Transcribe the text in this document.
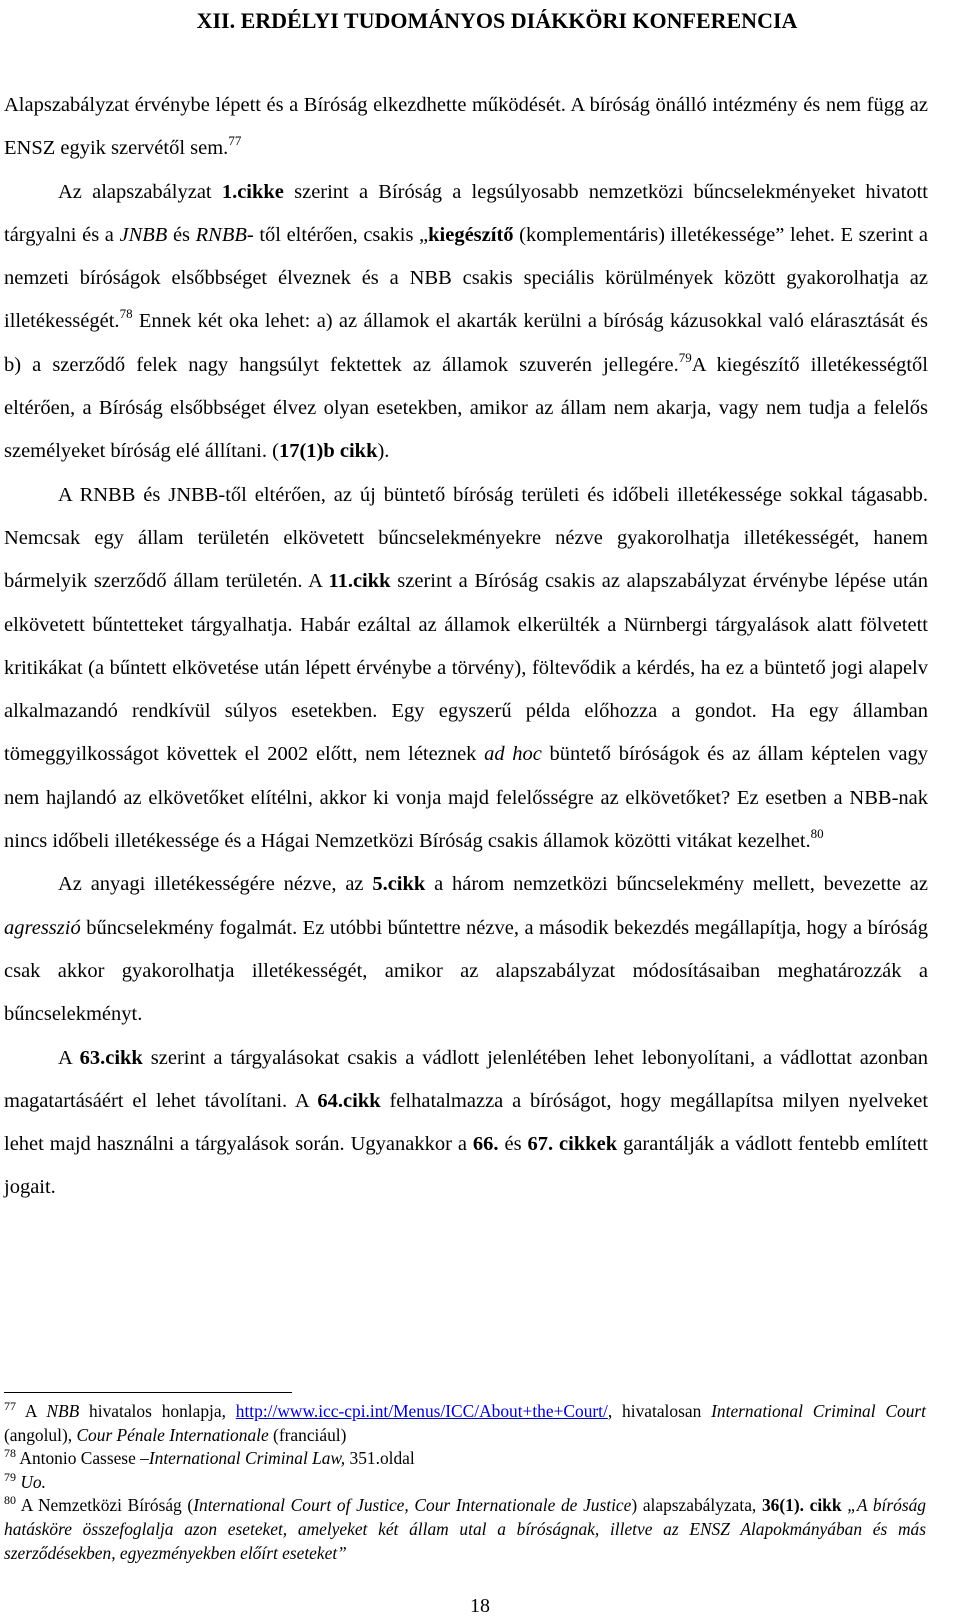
XII. ERDÉLYI TUDOMÁNYOS DIÁKKÖRI KONFERENCIA

Alapszabályzat érvénybe lépett és a Bíróság elkezdhette működését. A bíróság önálló intézmény és nem függ az ENSZ egyik szervétől sem.$^{77}$

Az alapszabályzat 1.cikke szerint a Bíróság a legsúlyosabb nemzetközi bűncselekményeket hivatott tárgyalni és a JNBB és RNBB- től eltérően, csakis „kiegészítő (komplementáris) illetékessége” lehet. E szerint a nemzeti bíróságok elsőbbséget élveznek és a NBB csakis speciális körülmények között gyakorolhatja az illetékességét.$^{78}$ Ennek két oka lehet: a) az államok el akarták kerülni a bíróság kázusokkal való elárasztását és b) a szerződő felek nagy hangsúlyt fektettek az államok szuverén jellegére.$^{79}$A kiegészítő illetékességtől eltérően, a Bíróság elsőbbséget élvez olyan esetekben, amikor az állam nem akarja, vagy nem tudja a felelős személyeket bíróság elé állítani. (17(1)b cikk).

A RNBB és JNBB-től eltérően, az új büntető bíróság területi és időbeli illetékessége sokkal tágasabb. Nemcsak egy állam területén elkövetett bűncselekményekre nézve gyakorolhatja illetékességét, hanem bármelyik szerződő állam területén. A 11.cikk szerint a Bíróság csakis az alapszabályzat érvénybe lépése után elkövetett bűntetteket tárgyalhatja. Habár ezáltal az államok elkerülték a Nürnbergi tárgyalások alatt fölvetett kritikákat (a bűntett elkövetése után lépett érvénybe a törvény), föltevődik a kérdés, ha ez a büntető jogi alapelv alkalmazandó rendkívül súlyos esetekben. Egy egyszerű példa előhozza a gondot. Ha egy államban tömeggyilkosságot követtek el 2002 előtt, nem léteznek ad hoc büntető bíróságok és az állam képtelen vagy nem hajlandó az elkövetőket elítélni, akkor ki vonja majd felelősségre az elkövetőket? Ez esetben a NBB-nak nincs időbeli illetékessége és a Hágai Nemzetközi Bíróság csakis államok közötti vitákat kezelhet.$^{80}$

Az anyagi illetékességére nézve, az 5.cikk a három nemzetközi bűncselekmény mellett, bevezette az agresszió bűncselekmény fogalmát. Ez utóbbi bűntettre nézve, a második bekezdés megállapítja, hogy a bíróság csak akkor gyakorolhatja illetékességét, amikor az alapszabályzat módosításaiban meghatározzák a bűncselekményt.

A 63.cikk szerint a tárgyalásokat csakis a vádlott jelenlétében lehet lebonyolítani, a vádlottat azonban magatartásáért el lehet távolítani. A 64.cikk felhatalmazza a bíróságot, hogy megállapítsa milyen nyelveket lehet majd használni a tárgyalások során. Ugyanakkor a 66. és 67. cikkek garantálják a vádlott fentebb említett jogait.

$^{77}$ A NBB hivatalos honlapja, http://www.icc-cpi.int/Menus/ICC/About+the+Court/, hivatalosan International Criminal Court (angolul), Cour Pénale Internationale (franciául)

$^{78}$ Antonio Cassese –International Criminal Law, 351.oldal

$^{79}$ Uo.

$^{80}$ A Nemzetközi Bíróság (International Court of Justice, Cour Internationale de Justice) alapszabályzata, 36(1). cikk „A bíróság hatásköre összefoglalja azon eseteket, amelyeket két állam utal a bíróságnak, illetve az ENSZ Alapokmányában és más szerződésekben, egyezményekben előírt eseteket”

18
